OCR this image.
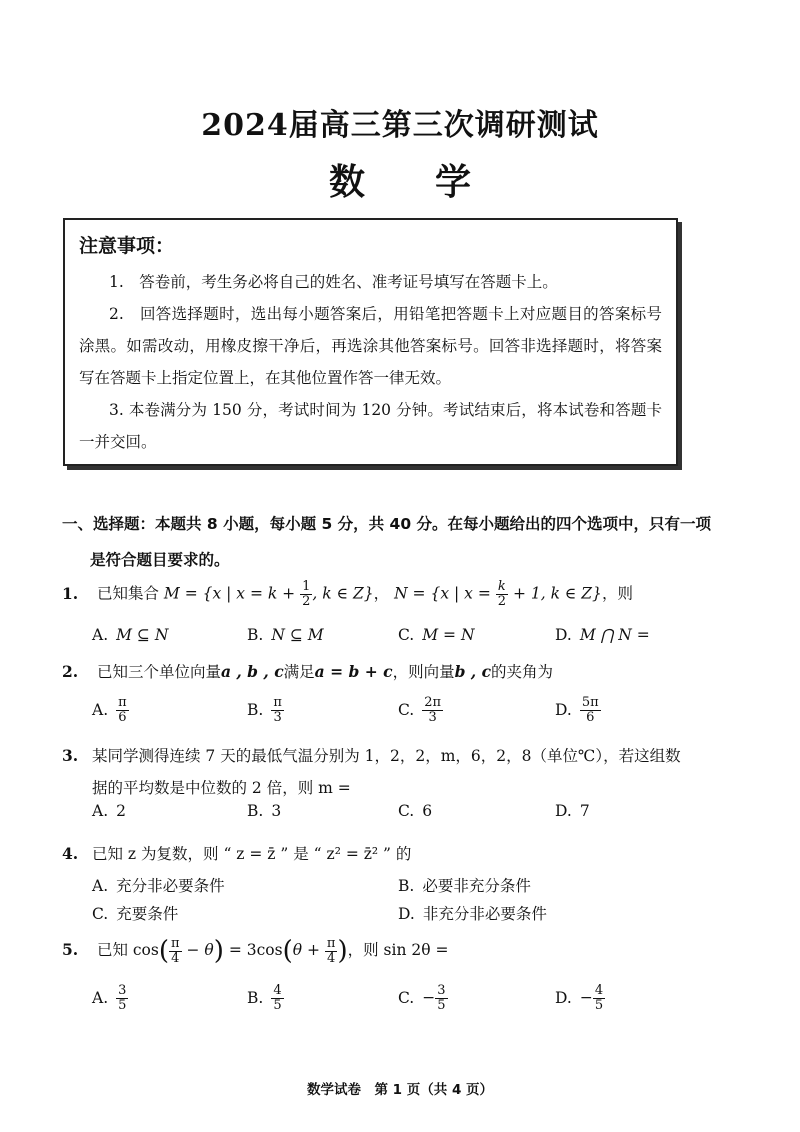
2024届高三第三次调研测试
数学
注意事项：
1.　答卷前，考生务必将自己的姓名、准考证号填写在答题卡上。
2.　回答选择题时，选出每小题答案后，用铅笔把答题卡上对应题目的答案标号涂黑。如需改动，用橡皮擦干净后，再选涂其他答案标号。回答非选择题时，将答案写在答题卡上指定位置上，在其他位置作答一律无效。
3. 本卷满分为 150 分，考试时间为 120 分钟。考试结束后，将本试卷和答题卡一并交回。
一、选择题：本题共 8 小题，每小题 5 分，共 40 分。在每小题给出的四个选项中，只有一项
是符合题目要求的。
1. 已知集合 M = {x | $x = k + \frac{1}{2}$ , k ∈ Z}， N = {x | $x = \frac{k}{2} + 1$, k ∈ Z}，则
A. M ⊆ N	B. N ⊆ M	C. M = N	D. M ⋂ N =
2. 已知三个单位向量a , b , c满足a = b + c，则向量b , c的夹角为
A. $\frac{\pi}{6}$	B. $\frac{\pi}{3}$	C. $\frac{2\pi}{3}$	D. $\frac{5\pi}{6}$
3. 某同学测得连续 7 天的最低气温分别为 1，2，2，m，6，2，8（单位℃），若这组数
据的平均数是中位数的 2 倍，则 m =
A. 2	B. 3	C. 6	D. 7
4. 已知 z 为复数，则 “ z = z̄ ” 是 “ z² = z̄² ” 的
A. 充分非必要条件	B. 必要非充分条件
C. 充要条件	D. 非充分非必要条件
5. 已知 $\cos( \frac{\pi}{4} - \theta) = 3\cos(\theta + \frac{\pi}{4}$ )，则 sin 2θ =
A. $\frac{3}{5}$	B. $\frac{4}{5}$	C. − $\frac{3}{5}$	D. − $\frac{4}{5}$
数学试卷　第 1 页（共 4 页）
